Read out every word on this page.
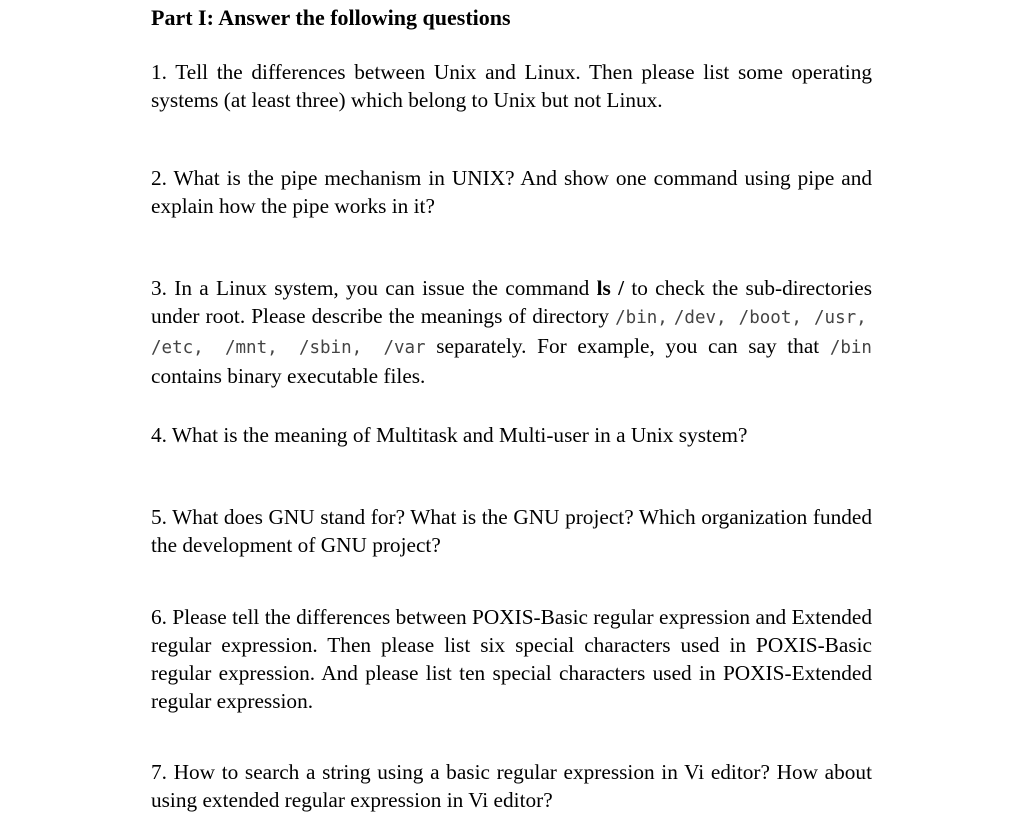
Part I: Answer the following questions
1. Tell the differences between Unix and Linux. Then please list some operating systems (at least three) which belong to Unix but not Linux.
2. What is the pipe mechanism in UNIX? And show one command using pipe and explain how the pipe works in it?
3. In a Linux system, you can issue the command ls / to check the sub-directories under root. Please describe the meanings of directory /bin, /dev, /boot, /usr,  /etc, /mnt, /sbin, /var separately. For example, you can say that /bin contains binary executable files.
4. What is the meaning of Multitask and Multi-user in a Unix system?
5. What does GNU stand for? What is the GNU project? Which organization funded the development of GNU project?
6. Please tell the differences between POXIS-Basic regular expression and Extended regular expression. Then please list six special characters used in POXIS-Basic regular expression. And please list ten special characters used in POXIS-Extended regular expression.
7. How to search a string using a basic regular expression in Vi editor? How about using extended regular expression in Vi editor?
